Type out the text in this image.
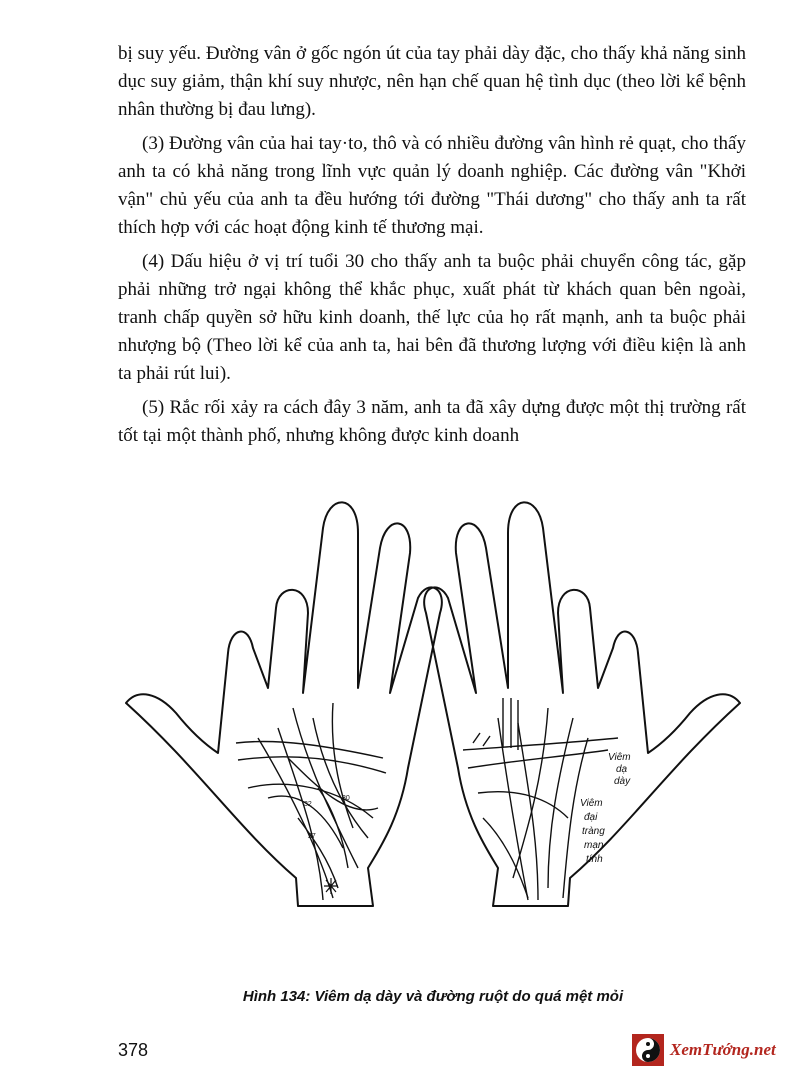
bị suy yếu. Đường vân ở gốc ngón út của tay phải dày đặc, cho thấy khả năng sinh dục suy giảm, thận khí suy nhược, nên hạn chế quan hệ tình dục (theo lời kể bệnh nhân thường bị đau lưng).

(3) Đường vân của hai tay·to, thô và có nhiều đường vân hình rẻ quạt, cho thấy anh ta có khả năng trong lĩnh vực quản lý doanh nghiệp. Các đường vân "Khởi vận" chủ yếu của anh ta đều hướng tới đường "Thái dương" cho thấy anh ta rất thích hợp với các hoạt động kinh tế thương mại.

(4) Dấu hiệu ở vị trí tuổi 30 cho thấy anh ta buộc phải chuyển công tác, gặp phải những trở ngại không thể khắc phục, xuất phát từ khách quan bên ngoài, tranh chấp quyền sở hữu kinh doanh, thế lực của họ rất mạnh, anh ta buộc phải nhượng bộ (Theo lời kể của anh ta, hai bên đã thương lượng với điều kiện là anh ta phải rút lui).

(5) Rắc rối xảy ra cách đây 3 năm, anh ta đã xây dựng được một thị trường rất tốt tại một thành phố, nhưng không được kinh doanh

Viêm
dạ
dày
Viêm
đại
tràng
mạn
tính
32
30
27
Hình 134: Viêm dạ dày và đường ruột do quá mệt mỏi
378	XemTướng.net
